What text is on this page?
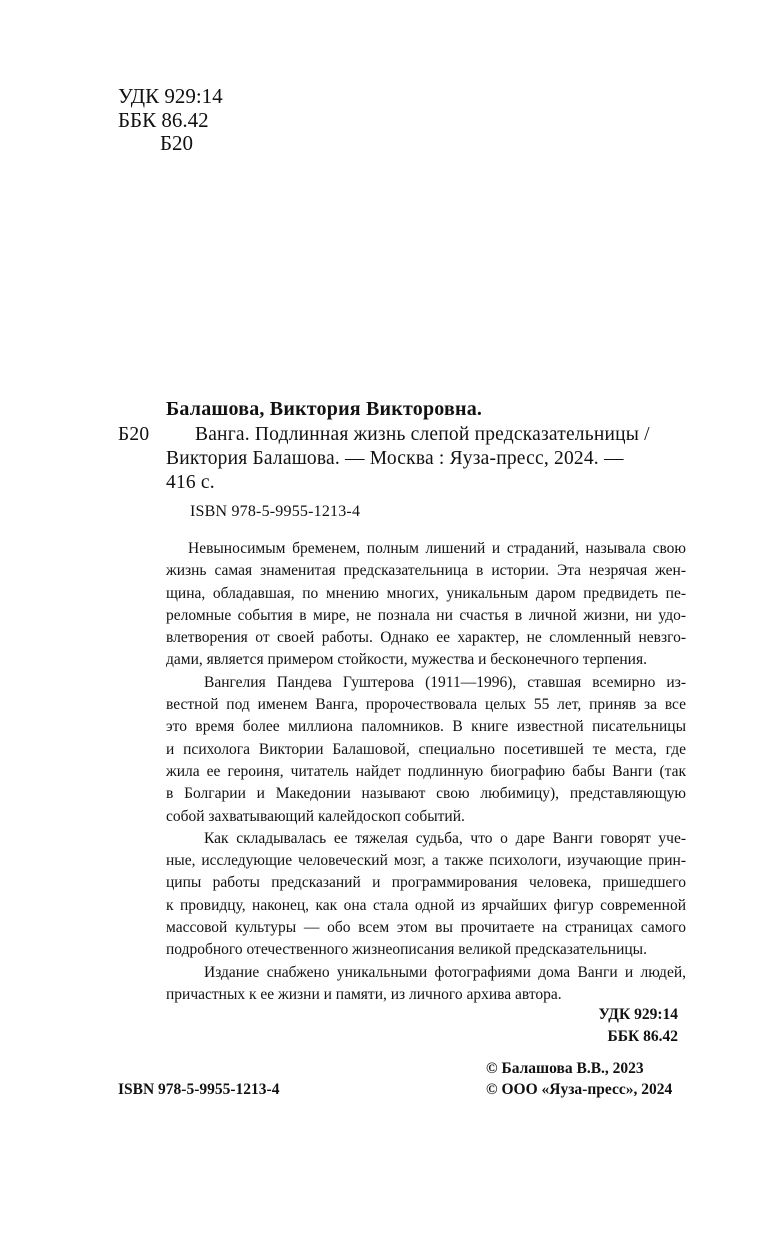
УДК 929:14
ББК 86.42
Б20
Балашова, Виктория Викторовна.
Б20 Ванга. Подлинная жизнь слепой предсказательницы /
Виктория Балашова. — Москва : Яуза-пресс, 2024. —
416 с.
ISBN 978-5-9955-1213-4
Невыносимым бременем, полным лишений и страданий, называла свою
жизнь самая знаменитая предсказательница в истории. Эта незрячая жен-
щина, обладавшая, по мнению многих, уникальным даром предвидеть пе-
реломные события в мире, не познала ни счастья в личной жизни, ни удо-
влетворения от своей работы. Однако ее характер, не сломленный невзго-
дами, является примером стойкости, мужества и бесконечного терпения.
Вангелия Пандева Гуштерова (1911—1996), ставшая всемирно из-
вестной под именем Ванга, пророчествовала целых 55 лет, приняв за все
это время более миллиона паломников. В книге известной писательницы
и психолога Виктории Балашовой, специально посетившей те места, где
жила ее героиня, читатель найдет подлинную биографию бабы Ванги (так
в Болгарии и Македонии называют свою любимицу), представляющую
собой захватывающий калейдоскоп событий.
Как складывалась ее тяжелая судьба, что о даре Ванги говорят уче-
ные, исследующие человеческий мозг, а также психологи, изучающие прин-
ципы работы предсказаний и программирования человека, пришедшего
к провидцу, наконец, как она стала одной из ярчайших фигур современной
массовой культуры — обо всем этом вы прочитаете на страницах самого
подробного отечественного жизнеописания великой предсказательницы.
Издание снабжено уникальными фотографиями дома Ванги и людей,
причастных к ее жизни и памяти, из личного архива автора.
УДК 929:14
ББК 86.42
ISBN 978-5-9955-1213-4
© Балашова В.В., 2023
© ООО «Яуза-пресс», 2024
